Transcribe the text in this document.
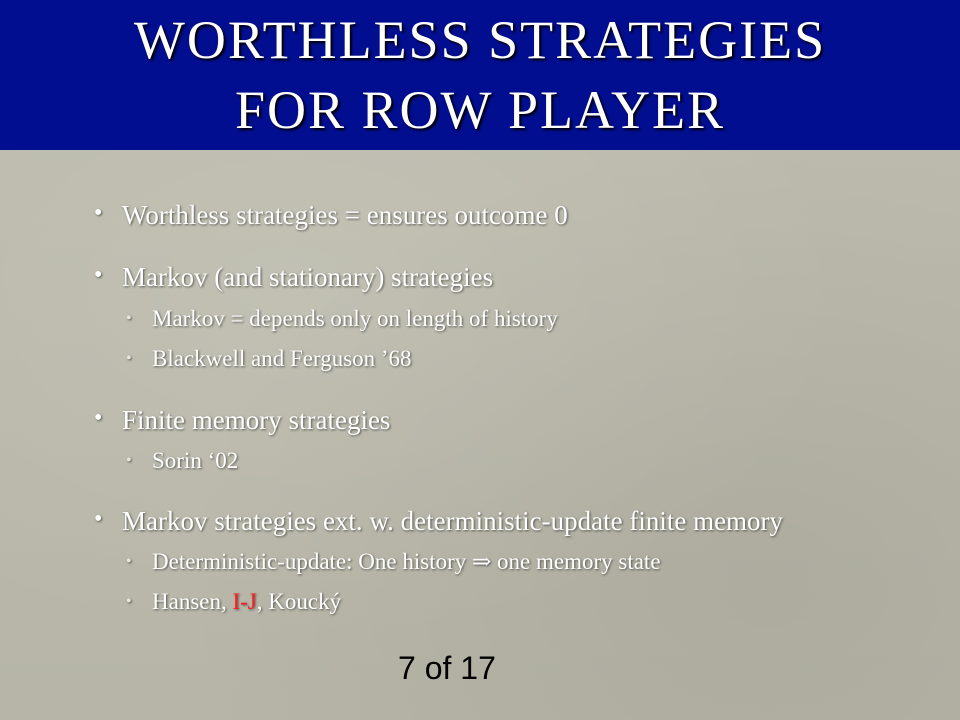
WORTHLESS STRATEGIES
FOR ROW PLAYER
• Worthless strategies = ensures outcome 0
• Markov (and stationary) strategies
• Markov = depends only on length of history
• Blackwell and Ferguson ’68
• Finite memory strategies
• Sorin ‘02
• Markov strategies ext. w. deterministic-update finite memory
• Deterministic-update: One history ⇒ one memory state
• Hansen, I-J, Koucký
7 of 17
